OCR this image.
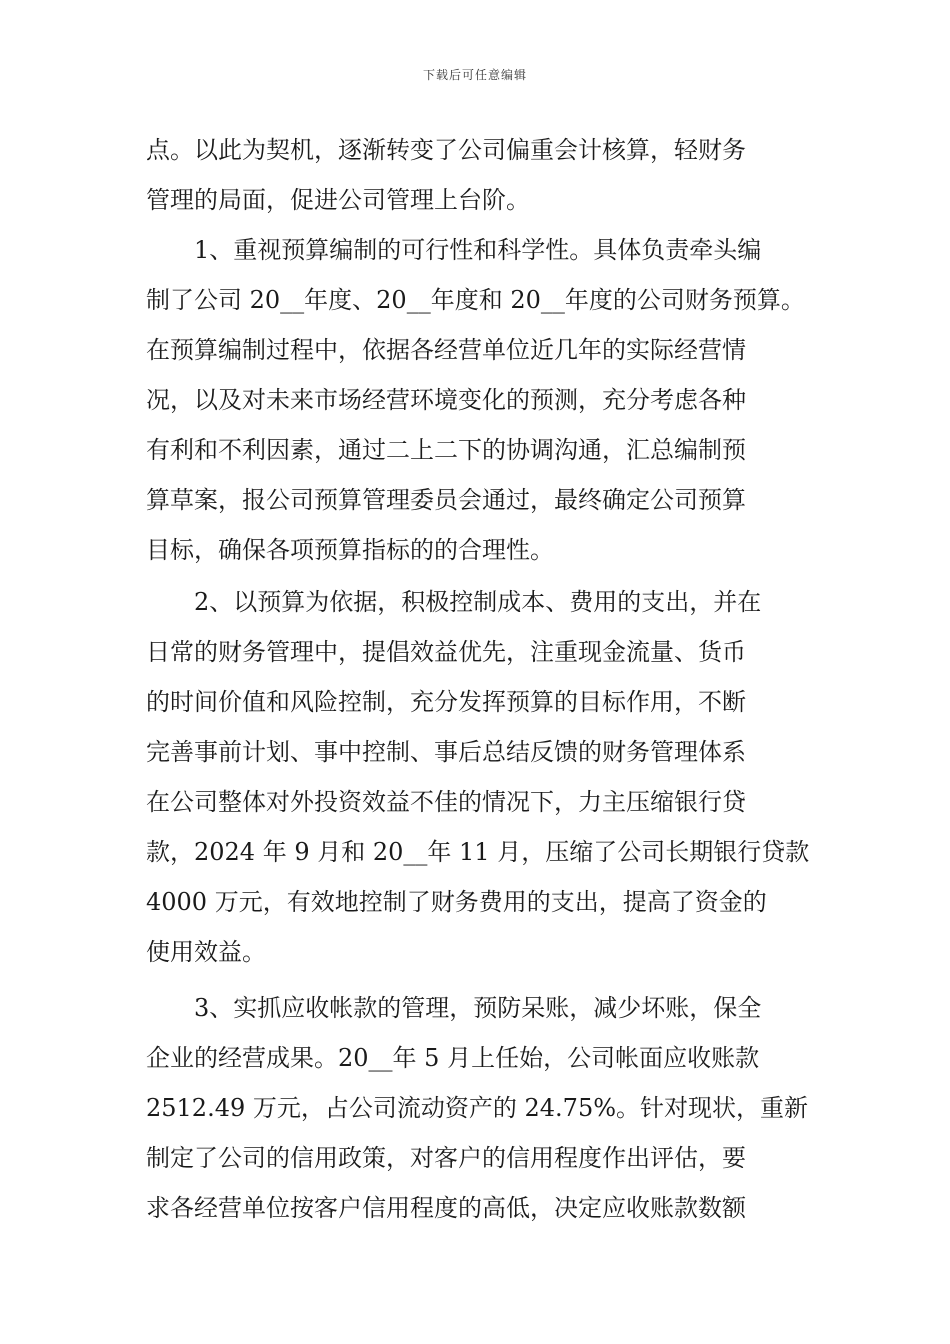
下载后可任意编辑
点。以此为契机，逐渐转变了公司偏重会计核算，轻财务
管理的局面，促进公司管理上台阶。
1、重视预算编制的可行性和科学性。具体负责牵头编
制了公司 20__年度、20__年度和 20__年度的公司财务预算。
在预算编制过程中，依据各经营单位近几年的实际经营情
况，以及对未来市场经营环境变化的预测，充分考虑各种
有利和不利因素，通过二上二下的协调沟通，汇总编制预
算草案，报公司预算管理委员会通过，最终确定公司预算
目标，确保各项预算指标的的合理性。
2、以预算为依据，积极控制成本、费用的支出，并在
日常的财务管理中，提倡效益优先，注重现金流量、货币
的时间价值和风险控制，充分发挥预算的目标作用，不断
完善事前计划、事中控制、事后总结反馈的财务管理体系
在公司整体对外投资效益不佳的情况下，力主压缩银行贷
款，2024 年 9 月和 20__年 11 月，压缩了公司长期银行贷款
4000 万元，有效地控制了财务费用的支出，提高了资金的
使用效益。
3、实抓应收帐款的管理，预防呆账，减少坏账，保全
企业的经营成果。20__年 5 月上任始，公司帐面应收账款
2512.49 万元，占公司流动资产的 24.75%。针对现状，重新
制定了公司的信用政策，对客户的信用程度作出评估，要
求各经营单位按客户信用程度的高低，决定应收账款数额
